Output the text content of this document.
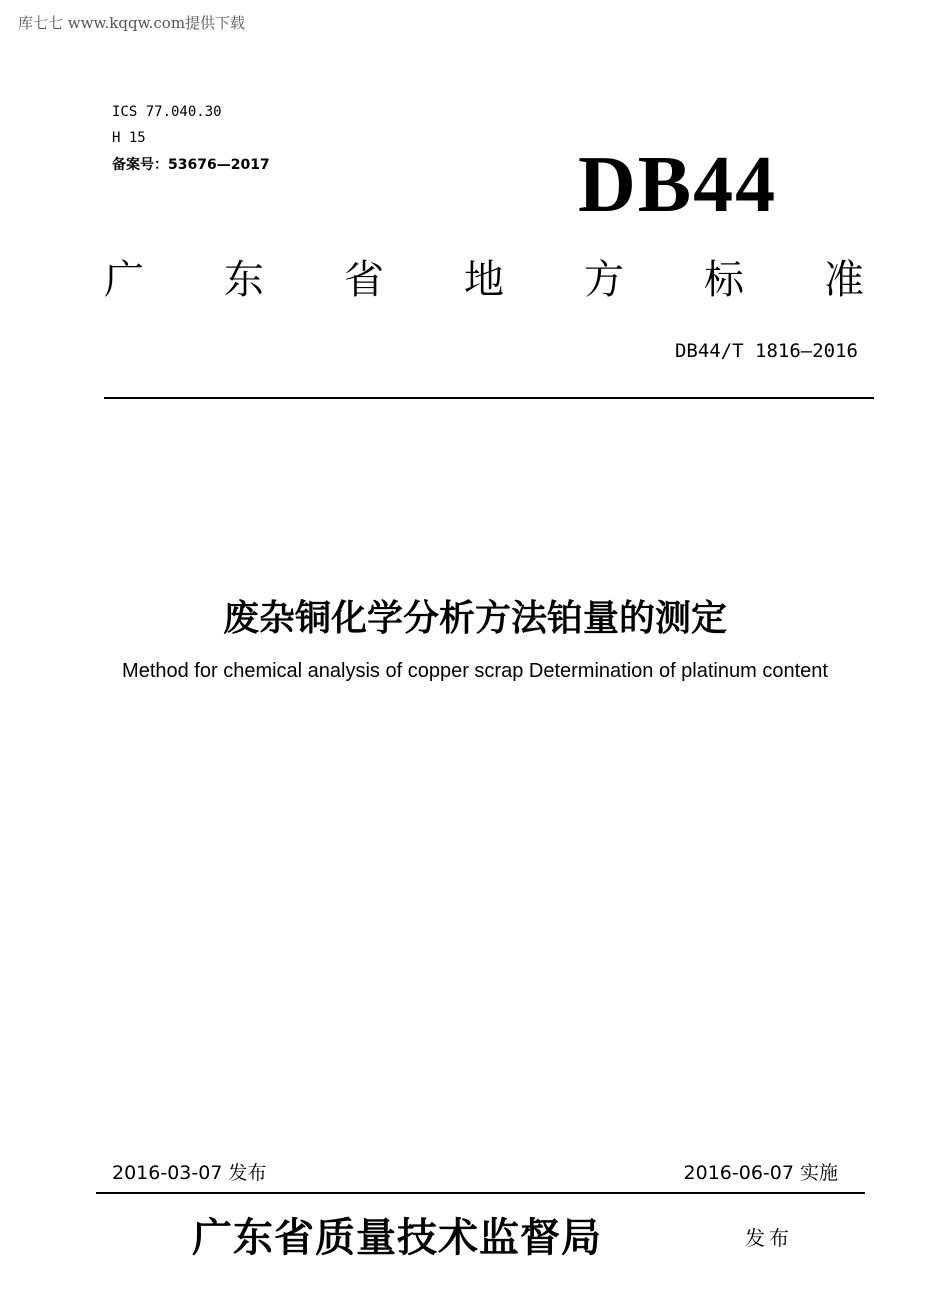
库七七 www.kqqw.com提供下载
ICS 77.040.30
H 15
备案号：53676—2017	DB44
广 东 省 地 方 标 准
DB44/T 1816—2016
废杂铜化学分析方法铂量的测定
Method for chemical analysis of copper scrap Determination of platinum content
2016-03-07 发布	2016-06-07 实施
广东省质量技术监督局	发布
